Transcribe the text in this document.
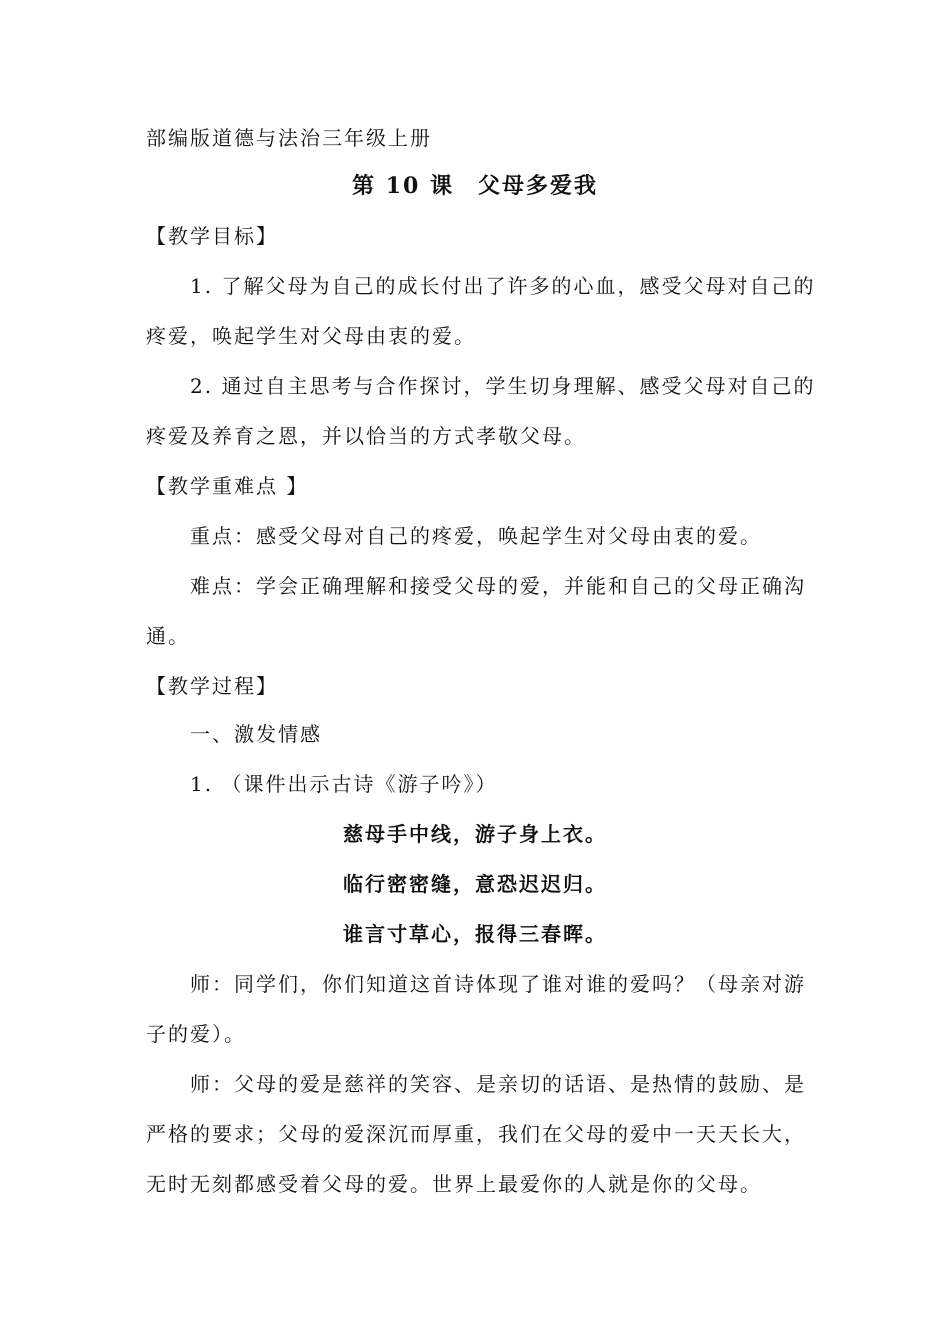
部编版道德与法治三年级上册
第 10 课　父母多爱我
【教学目标】
1. 了解父母为自己的成长付出了许多的心血，感受父母对自己的
疼爱，唤起学生对父母由衷的爱。
2. 通过自主思考与合作探讨，学生切身理解、感受父母对自己的
疼爱及养育之恩，并以恰当的方式孝敬父母。
【教学重难点 】
重点：感受父母对自己的疼爱，唤起学生对父母由衷的爱。
难点：学会正确理解和接受父母的爱，并能和自己的父母正确沟
通。
【教学过程】
一、激发情感
1. （课件出示古诗《游子吟》）
慈母手中线，游子身上衣。
临行密密缝，意恐迟迟归。
谁言寸草心，报得三春晖。
师：同学们，你们知道这首诗体现了谁对谁的爱吗？（母亲对游
子的爱）。
师：父母的爱是慈祥的笑容、是亲切的话语、是热情的鼓励、是
严格的要求；父母的爱深沉而厚重，我们在父母的爱中一天天长大，
无时无刻都感受着父母的爱。世界上最爱你的人就是你的父母。
